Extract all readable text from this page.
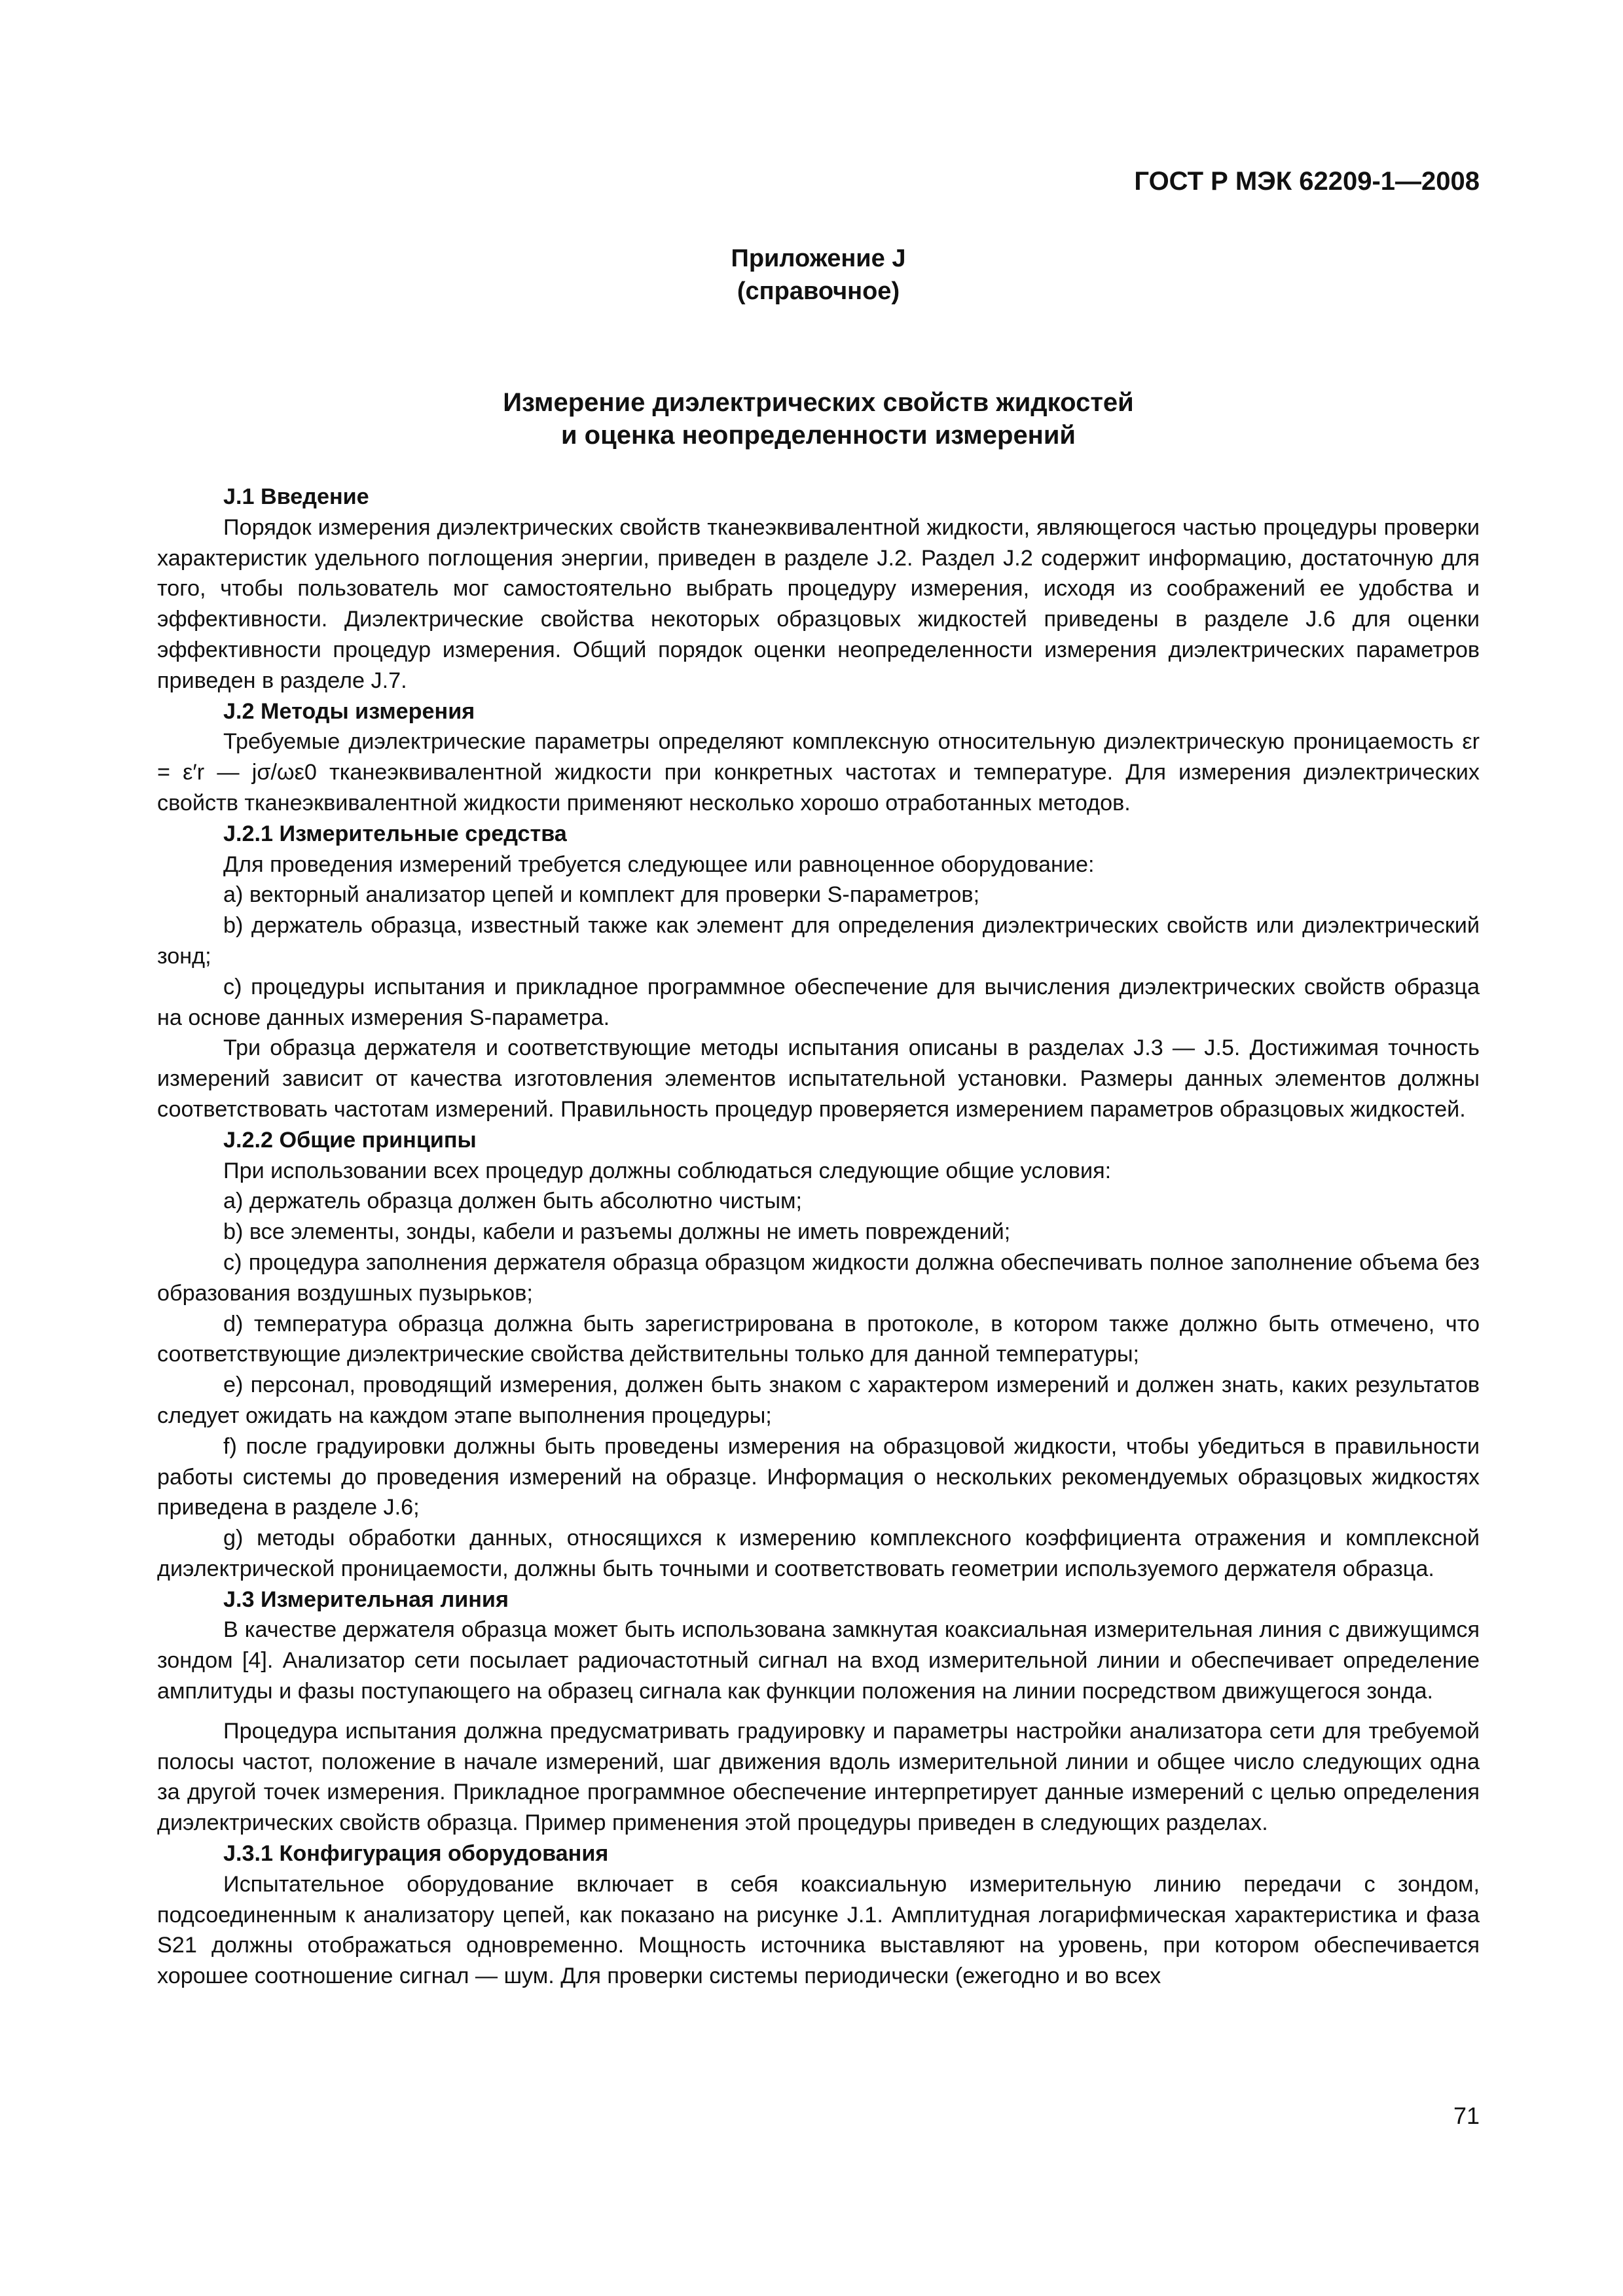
ГОСТ Р МЭК 62209-1—2008
Приложение J
(справочное)
Измерение диэлектрических свойств жидкостей
и оценка неопределенности измерений

J.1 Введение

Порядок измерения диэлектрических свойств тканеэквивалентной жидкости, являющегося частью процедуры проверки характеристик удельного поглощения энергии, приведен в разделе J.2. Раздел J.2 содержит информацию, достаточную для того, чтобы пользователь мог самостоятельно выбрать процедуру измерения, исходя из соображений ее удобства и эффективности. Диэлектрические свойства некоторых образцовых жидкостей приведены в разделе J.6 для оценки эффективности процедур измерения. Общий порядок оценки неопределенности измерения диэлектрических параметров приведен в разделе J.7.

J.2 Методы измерения

Требуемые диэлектрические параметры определяют комплексную относительную диэлектрическую проницаемость εr = ε′r — jσ/ωε0 тканеэквивалентной жидкости при конкретных частотах и температуре. Для измерения диэлектрических свойств тканеэквивалентной жидкости применяют несколько хорошо отработанных методов.

J.2.1 Измерительные средства

Для проведения измерений требуется следующее или равноценное оборудование:

a) векторный анализатор цепей и комплект для проверки S-параметров;

b) держатель образца, известный также как элемент для определения диэлектрических свойств или диэлектрический зонд;

c) процедуры испытания и прикладное программное обеспечение для вычисления диэлектрических свойств образца на основе данных измерения S-параметра.

Три образца держателя и соответствующие методы испытания описаны в разделах J.3 — J.5. Достижимая точность измерений зависит от качества изготовления элементов испытательной установки. Размеры данных элементов должны соответствовать частотам измерений. Правильность процедур проверяется измерением параметров образцовых жидкостей.

J.2.2 Общие принципы

При использовании всех процедур должны соблюдаться следующие общие условия:

a) держатель образца должен быть абсолютно чистым;

b) все элементы, зонды, кабели и разъемы должны не иметь повреждений;

c) процедура заполнения держателя образца образцом жидкости должна обеспечивать полное заполнение объема без образования воздушных пузырьков;

d) температура образца должна быть зарегистрирована в протоколе, в котором также должно быть отмечено, что соответствующие диэлектрические свойства действительны только для данной температуры;

e) персонал, проводящий измерения, должен быть знаком с характером измерений и должен знать, каких результатов следует ожидать на каждом этапе выполнения процедуры;

f) после градуировки должны быть проведены измерения на образцовой жидкости, чтобы убедиться в правильности работы системы до проведения измерений на образце. Информация о нескольких рекомендуемых образцовых жидкостях приведена в разделе J.6;

g) методы обработки данных, относящихся к измерению комплексного коэффициента отражения и комплексной диэлектрической проницаемости, должны быть точными и соответствовать геометрии используемого держателя образца.

J.3 Измерительная линия

В качестве держателя образца может быть использована замкнутая коаксиальная измерительная линия с движущимся зондом [4]. Анализатор сети посылает радиочастотный сигнал на вход измерительной линии и обеспечивает определение амплитуды и фазы поступающего на образец сигнала как функции положения на линии посредством движущегося зонда.

Процедура испытания должна предусматривать градуировку и параметры настройки анализатора сети для требуемой полосы частот, положение в начале измерений, шаг движения вдоль измерительной линии и общее число следующих одна за другой точек измерения. Прикладное программное обеспечение интерпретирует данные измерений с целью определения диэлектрических свойств образца. Пример применения этой процедуры приведен в следующих разделах.

J.3.1 Конфигурация оборудования

Испытательное оборудование включает в себя коаксиальную измерительную линию передачи с зондом, подсоединенным к анализатору цепей, как показано на рисунке J.1. Амплитудная логарифмическая характеристика и фаза S21 должны отображаться одновременно. Мощность источника выставляют на уровень, при котором обеспечивается хорошее соотношение сигнал — шум. Для проверки системы периодически (ежегодно и во всех

71
